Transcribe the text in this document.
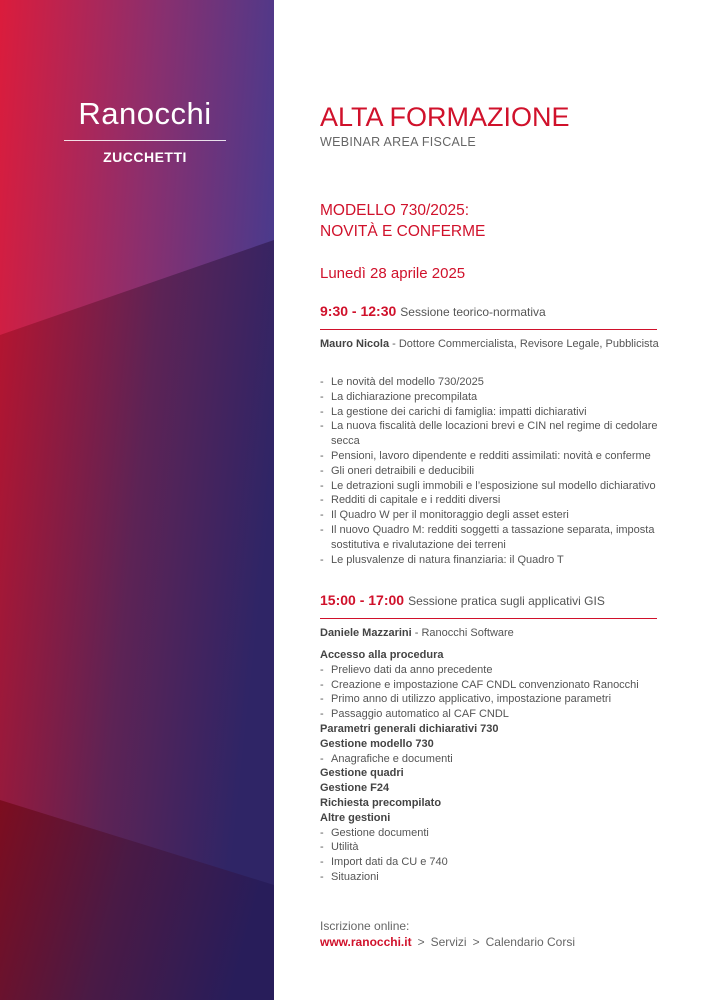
Ranocchi
ZUCCHETTI
ALTA FORMAZIONE
WEBINAR AREA FISCALE
MODELLO 730/2025:
NOVITÀ E CONFERME
Lunedì 28 aprile 2025
9:30 - 12:30 Sessione teorico-normativa
Mauro Nicola - Dottore Commercialista, Revisore Legale, Pubblicista
- Le novità del modello 730/2025
- La dichiarazione precompilata
- La gestione dei carichi di famiglia: impatti dichiarativi
- La nuova fiscalità delle locazioni brevi e CIN nel regime di cedolare secca
- Pensioni, lavoro dipendente e redditi assimilati: novità e conferme
- Gli oneri detraibili e deducibili
- Le detrazioni sugli immobili e l’esposizione sul modello dichiarativo
- Redditi di capitale e i redditi diversi
- Il Quadro W per il monitoraggio degli asset esteri
- Il nuovo Quadro M: redditi soggetti a tassazione separata, imposta sostitutiva e rivalutazione dei terreni
- Le plusvalenze di natura finanziaria: il Quadro T
15:00 - 17:00 Sessione pratica sugli applicativi GIS
Daniele Mazzarini - Ranocchi Software
Accesso alla procedura
- Prelievo dati da anno precedente
- Creazione e impostazione CAF CNDL convenzionato Ranocchi
- Primo anno di utilizzo applicativo, impostazione parametri
- Passaggio automatico al CAF CNDL
Parametri generali dichiarativi 730
Gestione modello 730
- Anagrafiche e documenti
Gestione quadri
Gestione F24
Richiesta precompilato
Altre gestioni
- Gestione documenti
- Utilità
- Import dati da CU e 740
- Situazioni
Iscrizione online:
www.ranocchi.it > Servizi > Calendario Corsi
